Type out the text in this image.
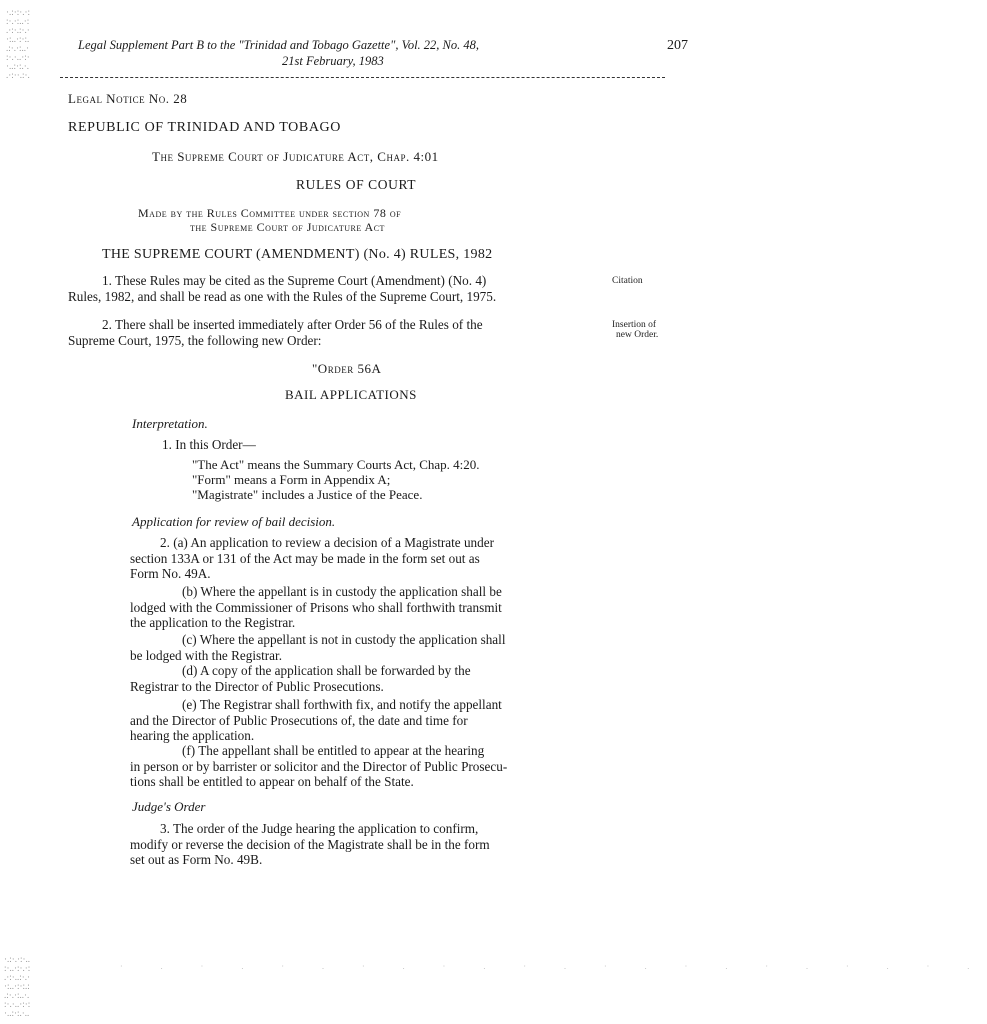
·.:·:·.·:
:·.·:..·:
.·:·.:·.·
·:..·:·:.
.:·.·:..·
:·.·..·:·
·..:·:.·.
.·:··.:·.
·.:·.·:·..
:·..·:·.·:
.·:·..:·.·
·:..·:·:.:
.:·.·:..·.
:·.·..·:·:
·..:·:.·..
Legal Supplement Part B to the "Trinidad and Tobago Gazette", Vol. 22, No. 48,	207
21st February, 1983
Legal Notice No. 28
REPUBLIC OF TRINIDAD AND TOBAGO
The Supreme Court of Judicature Act, Chap. 4:01
RULES OF COURT
Made by the Rules Committee under section 78 of
the Supreme Court of Judicature Act
THE SUPREME COURT (AMENDMENT) (No. 4) RULES, 1982
1. These Rules may be cited as the Supreme Court (Amendment) (No. 4)
Rules, 1982, and shall be read as one with the Rules of the Supreme Court, 1975.
Citation
2. There shall be inserted immediately after Order 56 of the Rules of the
Supreme Court, 1975, the following new Order:
Insertion of
new Order.
"Order 56A
BAIL APPLICATIONS
Interpretation.
1. In this Order—
"The Act" means the Summary Courts Act, Chap. 4:20.
"Form" means a Form in Appendix A;
"Magistrate" includes a Justice of the Peace.
Application for review of bail decision.
2. (a) An application to review a decision of a Magistrate under
section 133A or 131 of the Act may be made in the form set out as
Form No. 49A.
(b) Where the appellant is in custody the application shall be
lodged with the Commissioner of Prisons who shall forthwith transmit
the application to the Registrar.
(c) Where the appellant is not in custody the application shall
be lodged with the Registrar.
(d) A copy of the application shall be forwarded by the
Registrar to the Director of Public Prosecutions.
(e) The Registrar shall forthwith fix, and notify the appellant
and the Director of Public Prosecutions of, the date and time for
hearing the application.
(f) The appellant shall be entitled to appear at the hearing
in person or by barrister or solicitor and the Director of Public Prosecu-
tions shall be entitled to appear on behalf of the State.
Judge's Order
3. The order of the Judge hearing the application to confirm,
modify or reverse the decision of the Magistrate shall be in the form
set out as Form No. 49B.
· . · . · . · . · . · . · . · . · . · . · .
